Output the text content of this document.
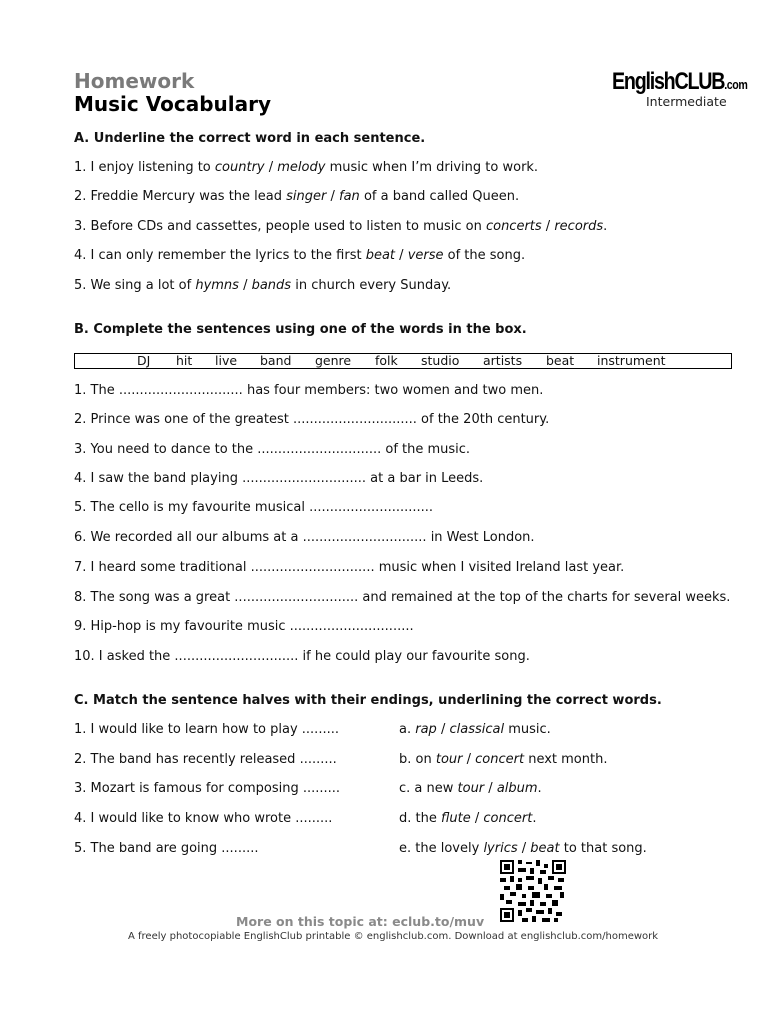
Homework
Music Vocabulary
EnglishCLUB.com
Intermediate
A. Underline the correct word in each sentence.
1. I enjoy listening to country / melody music when I’m driving to work.
2. Freddie Mercury was the lead singer / fan of a band called Queen.
3. Before CDs and cassettes, people used to listen to music on concerts / records.
4. I can only remember the lyrics to the first beat / verse of the song.
5. We sing a lot of hymns / bands in church every Sunday.
B. Complete the sentences using one of the words in the box.
DJ hit live band genre folk studio artists beat instrument
1. The .............................. has four members: two women and two men.
2. Prince was one of the greatest .............................. of the 20th century.
3. You need to dance to the .............................. of the music.
4. I saw the band playing .............................. at a bar in Leeds.
5. The cello is my favourite musical ..............................
6. We recorded all our albums at a .............................. in West London.
7. I heard some traditional .............................. music when I visited Ireland last year.
8. The song was a great .............................. and remained at the top of the charts for several weeks.
9. Hip-hop is my favourite music ..............................
10. I asked the .............................. if he could play our favourite song.
C. Match the sentence halves with their endings, underlining the correct words.
1. I would like to learn how to play .........
2. The band has recently released .........
3. Mozart is famous for composing .........
4. I would like to know who wrote .........
5. The band are going .........
a. rap / classical music.
b. on tour / concert next month.
c. a new tour / album.
d. the flute / concert.
e. the lovely lyrics / beat to that song.
More on this topic at: eclub.to/muv
A freely photocopiable EnglishClub printable © englishclub.com. Download at englishclub.com/homework
